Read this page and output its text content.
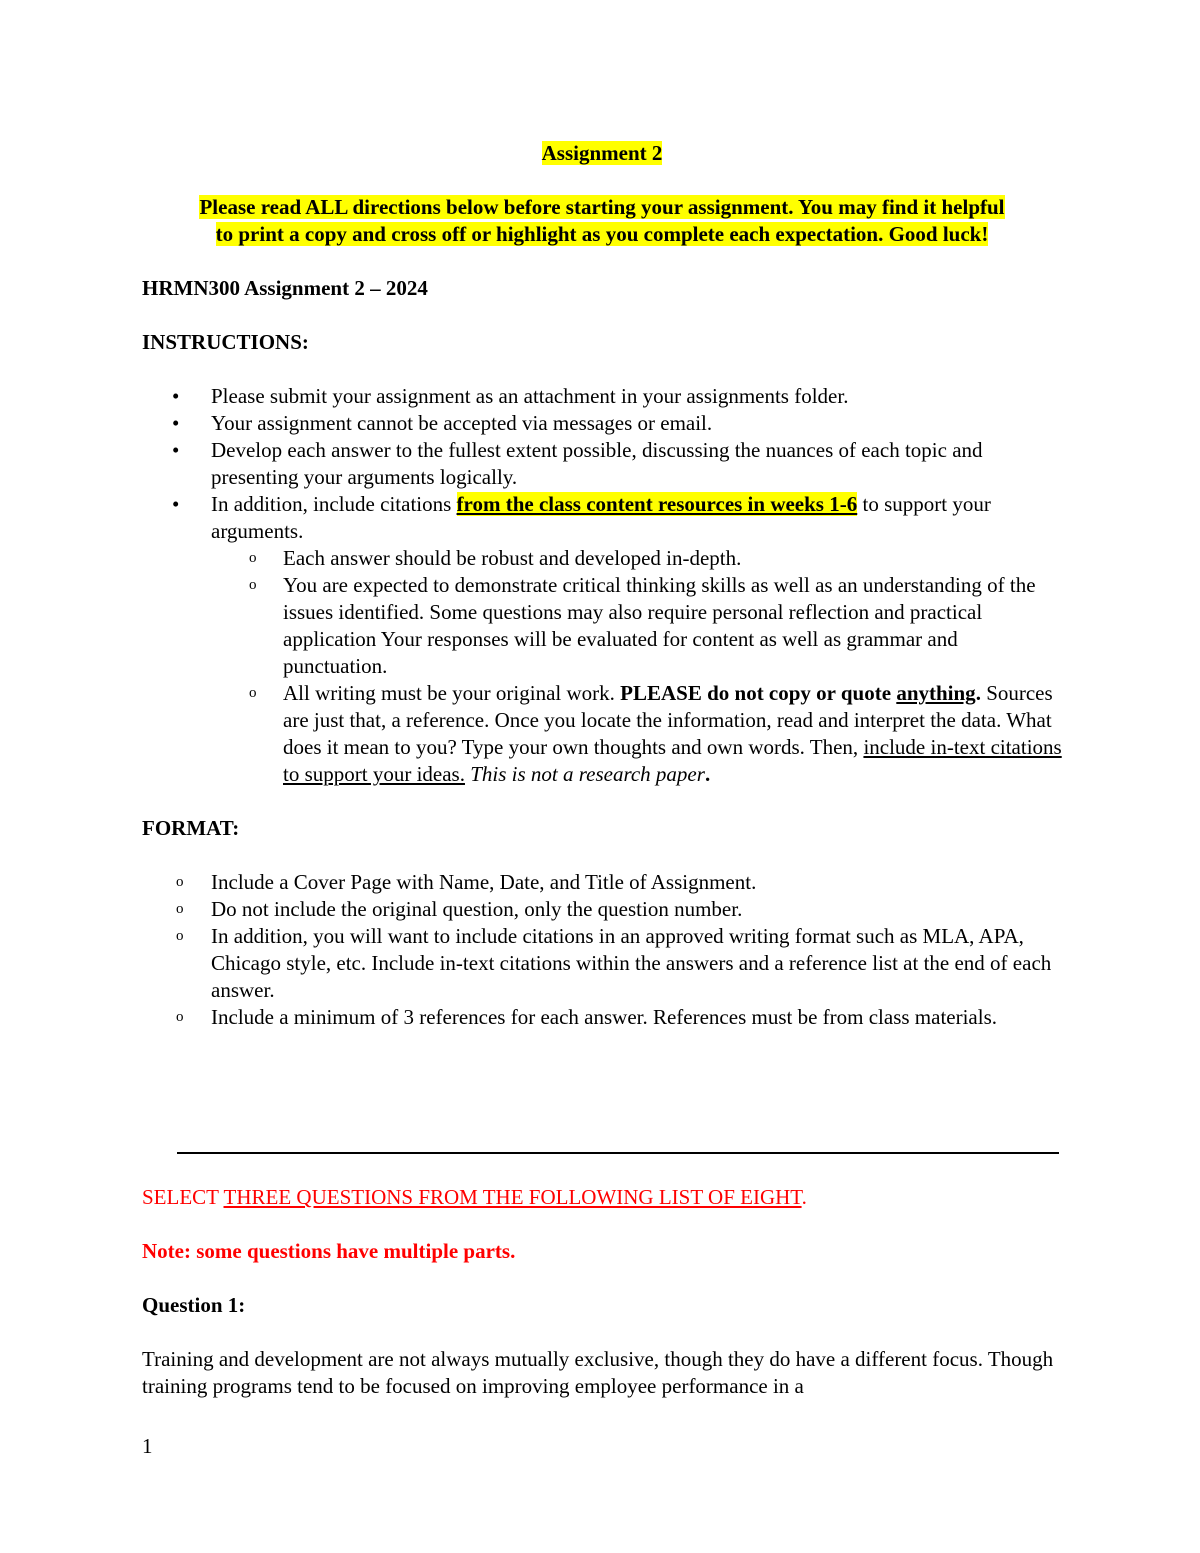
Assignment 2

Please read ALL directions below before starting your assignment. You may find it helpful
to print a copy and cross off or highlight as you complete each expectation. Good luck!

HRMN300 Assignment 2 – 2024

INSTRUCTIONS:

• Please submit your assignment as an attachment in your assignments folder.
• Your assignment cannot be accepted via messages or email.
• Develop each answer to the fullest extent possible, discussing the nuances of each topic and presenting your arguments logically.
• In addition, include citations from the class content resources in weeks 1-6 to support your arguments.
o Each answer should be robust and developed in-depth.
o You are expected to demonstrate critical thinking skills as well as an understanding of the issues identified. Some questions may also require personal reflection and practical application Your responses will be evaluated for content as well as grammar and punctuation.
o All writing must be your original work. PLEASE do not copy or quote anything. Sources are just that, a reference. Once you locate the information, read and interpret the data. What does it mean to you? Type your own thoughts and own words. Then, include in-text citations to support your ideas. This is not a research paper.

FORMAT:

o Include a Cover Page with Name, Date, and Title of Assignment.
o Do not include the original question, only the question number.
o In addition, you will want to include citations in an approved writing format such as MLA, APA, Chicago style, etc. Include in-text citations within the answers and a reference list at the end of each answer.
o Include a minimum of 3 references for each answer. References must be from class materials.

SELECT THREE QUESTIONS FROM THE FOLLOWING LIST OF EIGHT.

Note: some questions have multiple parts.

Question 1:

Training and development are not always mutually exclusive, though they do have a different focus. Though training programs tend to be focused on improving employee performance in a

1
